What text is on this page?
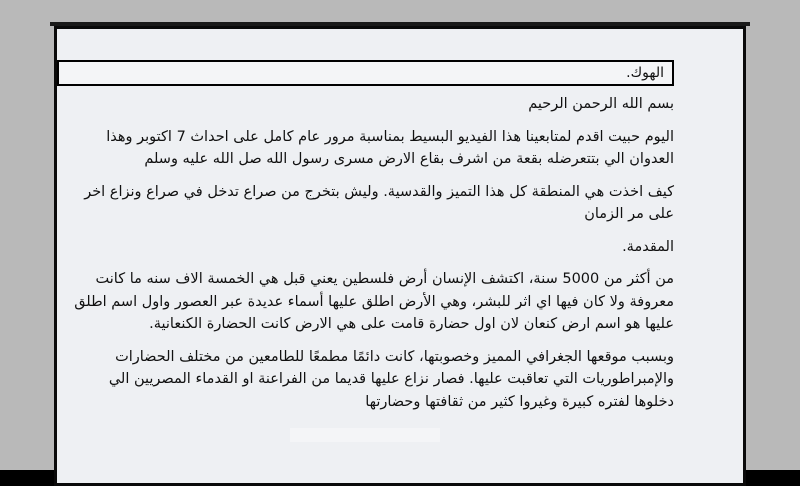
الهوك.

بسم الله الرحمن الرحيم

اليوم حبيت اقدم لمتابعينا هذا الفيديو البسيط بمناسبة مرور عام كامل على احداث 7 اكتوبر وهذا العدوان الي بتتعرضله بقعة من اشرف بقاع الارض مسرى رسول الله صل الله عليه وسلم

كيف اخذت هي المنطقة كل هذا التميز والقدسية. وليش بتخرج من صراع تدخل في صراع ونزاع اخر على مر الزمان

المقدمة.

من أكثر من 5000 سنة، اكتشف الإنسان أرض فلسطين يعني قبل هي الخمسة الاف سنه ما كانت معروفة ولا كان فيها اي اثر للبشر، وهي الأرض اطلق عليها أسماء عديدة عبر العصور واول اسم اطلق عليها هو اسم ارض كنعان لان اول حضارة قامت على هي الارض كانت الحضارة الكنعانية.

وبسبب موقعها الجغرافي المميز وخصوبتها، كانت دائمًا مطمعًا للطامعين من مختلف الحضارات والإمبراطوريات التي تعاقبت عليها. فصار نزاع عليها قديما من الفراعنة او القدماء المصريين الي دخلوها لفتره كبيرة وغيروا كثير من ثقافتها وحضارتها
